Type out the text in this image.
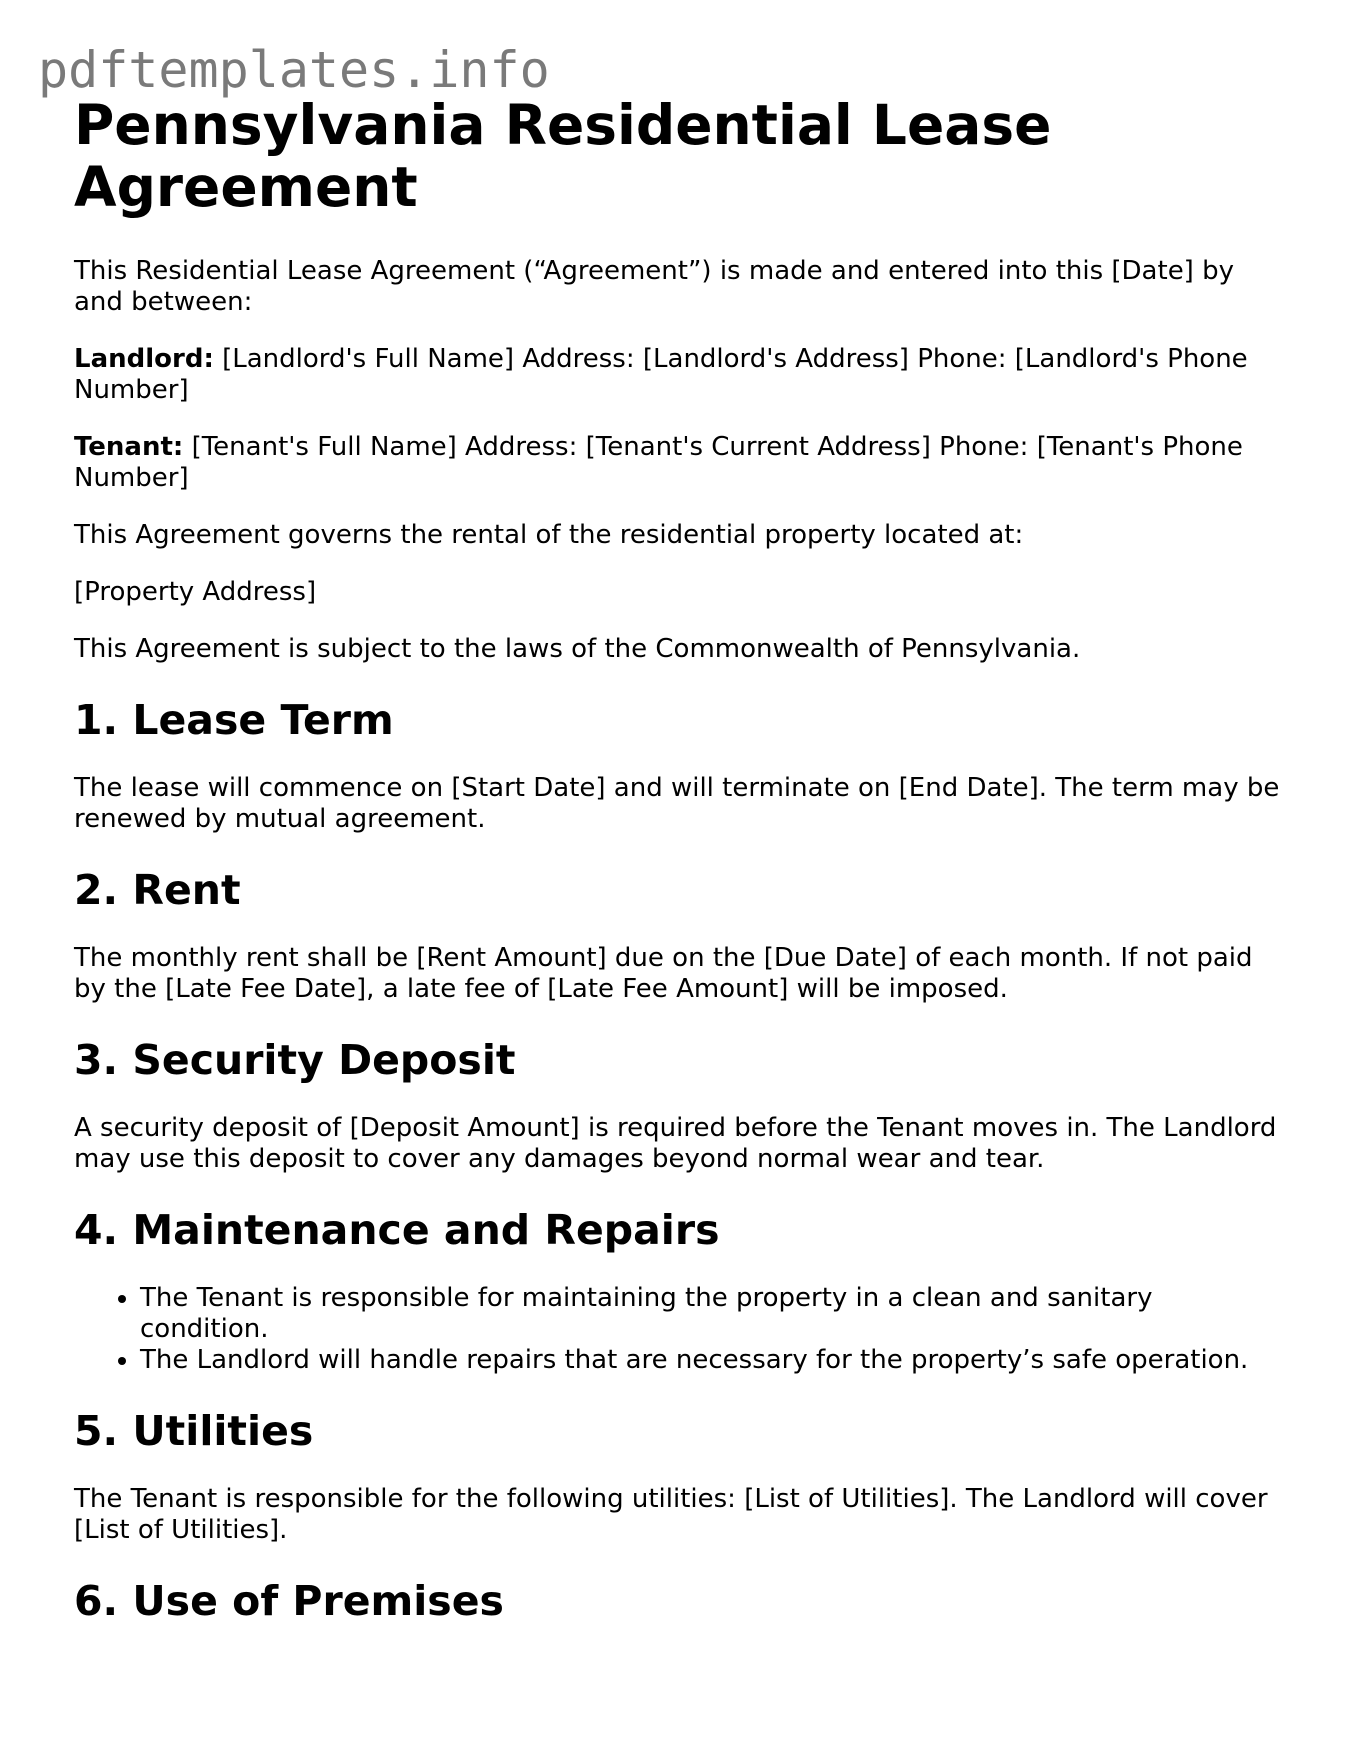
pdftemplates.info
Pennsylvania Residential Lease Agreement

This Residential Lease Agreement (“Agreement”) is made and entered into this [Date] by and between:

Landlord: [Landlord's Full Name] Address: [Landlord's Address] Phone: [Landlord's Phone Number]

Tenant: [Tenant's Full Name] Address: [Tenant's Current Address] Phone: [Tenant's Phone Number]

This Agreement governs the rental of the residential property located at:

[Property Address]

This Agreement is subject to the laws of the Commonwealth of Pennsylvania.

1. Lease Term

The lease will commence on [Start Date] and will terminate on [End Date]. The term may be renewed by mutual agreement.

2. Rent

The monthly rent shall be [Rent Amount] due on the [Due Date] of each month. If not paid by the [Late Fee Date], a late fee of [Late Fee Amount] will be imposed.

3. Security Deposit

A security deposit of [Deposit Amount] is required before the Tenant moves in. The Landlord may use this deposit to cover any damages beyond normal wear and tear.

4. Maintenance and Repairs
• The Tenant is responsible for maintaining the property in a clean and sanitary condition.
• The Landlord will handle repairs that are necessary for the property’s safe operation.
5. Utilities

The Tenant is responsible for the following utilities: [List of Utilities]. The Landlord will cover [List of Utilities].

6. Use of Premises
